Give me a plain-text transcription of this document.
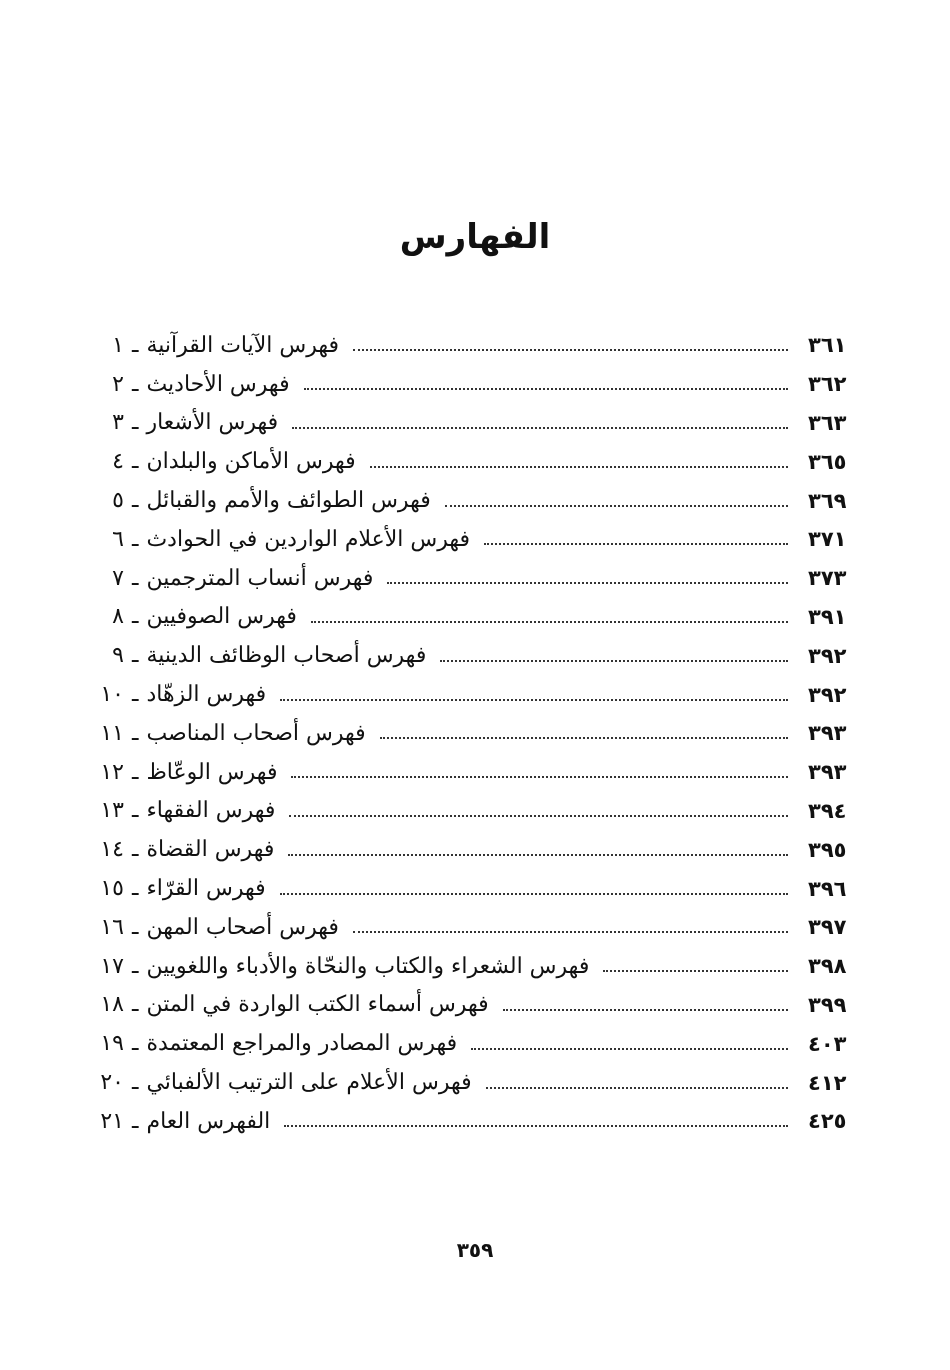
الفهارس
١ ـ فهرس الآيات القرآنية	٣٦١
٢ ـ فهرس الأحاديث	٣٦٢
٣ ـ فهرس الأشعار	٣٦٣
٤ ـ فهرس الأماكن والبلدان	٣٦٥
٥ ـ فهرس الطوائف والأمم والقبائل	٣٦٩
٦ ـ فهرس الأعلام الواردين في الحوادث	٣٧١
٧ ـ فهرس أنساب المترجمين	٣٧٣
٨ ـ فهرس الصوفيين	٣٩١
٩ ـ فهرس أصحاب الوظائف الدينية	٣٩٢
١٠ ـ فهرس الزهّاد	٣٩٢
١١ ـ فهرس أصحاب المناصب	٣٩٣
١٢ ـ فهرس الوعّاظ	٣٩٣
١٣ ـ فهرس الفقهاء	٣٩٤
١٤ ـ فهرس القضاة	٣٩٥
١٥ ـ فهرس القرّاء	٣٩٦
١٦ ـ فهرس أصحاب المهن	٣٩٧
١٧ ـ فهرس الشعراء والكتاب والنحّاة والأدباء واللغويين	٣٩٨
١٨ ـ فهرس أسماء الكتب الواردة في المتن	٣٩٩
١٩ ـ فهرس المصادر والمراجع المعتمدة	٤٠٣
٢٠ ـ فهرس الأعلام على الترتيب الألفبائي	٤١٢
٢١ ـ الفهرس العام	٤٢٥
٣٥٩
